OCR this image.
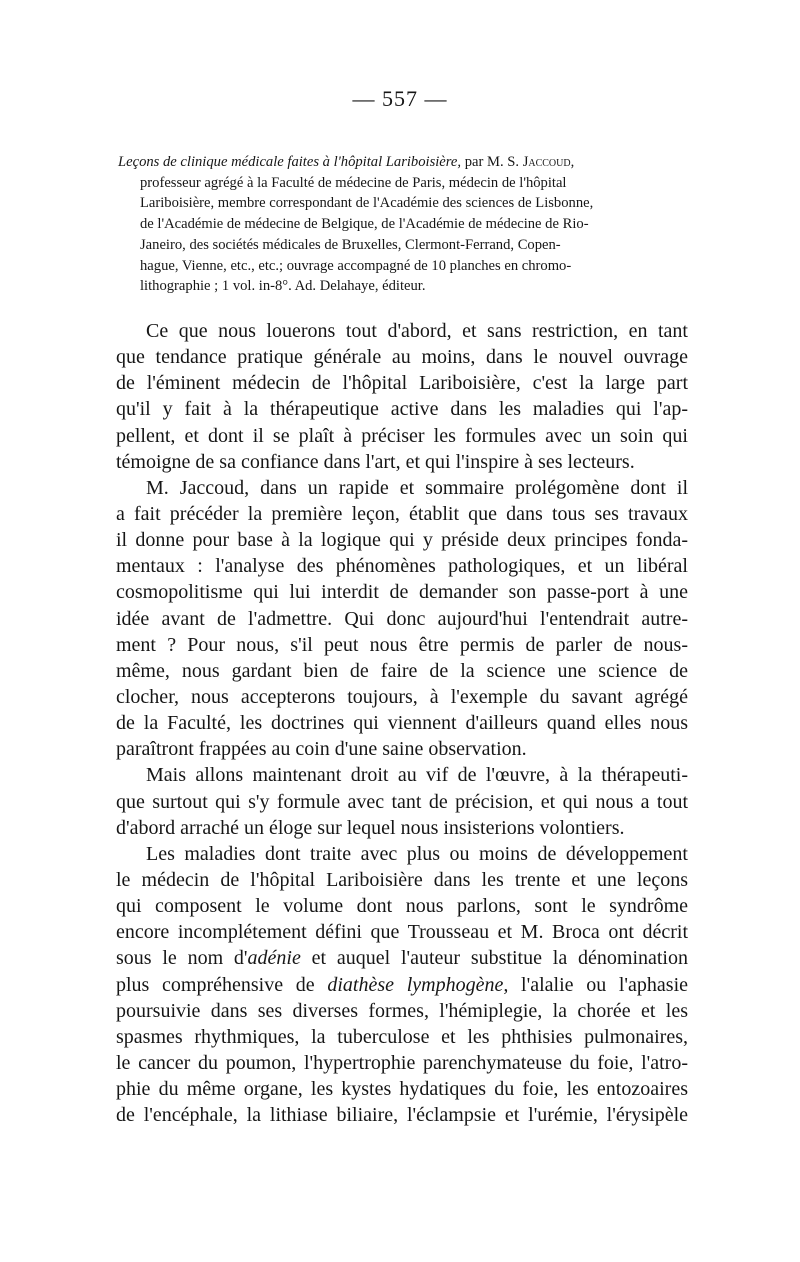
— 557 —
Leçons de clinique médicale faites à l'hôpital Lariboisière, par M. S. Jaccoud,
professeur agrégé à la Faculté de médecine de Paris, médecin de l'hôpital
Lariboisière, membre correspondant de l'Académie des sciences de Lisbonne,
de l'Académie de médecine de Belgique, de l'Académie de médecine de Rio-
Janeiro, des sociétés médicales de Bruxelles, Clermont-Ferrand, Copen-
hague, Vienne, etc., etc.; ouvrage accompagné de 10 planches en chromo-
lithographie ; 1 vol. in-8°. Ad. Delahaye, éditeur.
Ce que nous louerons tout d'abord, et sans restriction, en tant
que tendance pratique générale au moins, dans le nouvel ouvrage
de l'éminent médecin de l'hôpital Lariboisière, c'est la large part
qu'il y fait à la thérapeutique active dans les maladies qui l'ap-
pellent, et dont il se plaît à préciser les formules avec un soin qui
témoigne de sa confiance dans l'art, et qui l'inspire à ses lecteurs.
M. Jaccoud, dans un rapide et sommaire prolégomène dont il
a fait précéder la première leçon, établit que dans tous ses travaux
il donne pour base à la logique qui y préside deux principes fonda-
mentaux : l'analyse des phénomènes pathologiques, et un libéral
cosmopolitisme qui lui interdit de demander son passe-port à une
idée avant de l'admettre. Qui donc aujourd'hui l'entendrait autre-
ment ? Pour nous, s'il peut nous être permis de parler de nous-
même, nous gardant bien de faire de la science une science de
clocher, nous accepterons toujours, à l'exemple du savant agrégé
de la Faculté, les doctrines qui viennent d'ailleurs quand elles nous
paraîtront frappées au coin d'une saine observation.
Mais allons maintenant droit au vif de l'œuvre, à la thérapeuti-
que surtout qui s'y formule avec tant de précision, et qui nous a tout
d'abord arraché un éloge sur lequel nous insisterions volontiers.
Les maladies dont traite avec plus ou moins de développement
le médecin de l'hôpital Lariboisière dans les trente et une leçons
qui composent le volume dont nous parlons, sont le syndrôme
encore incomplétement défini que Trousseau et M. Broca ont décrit
sous le nom d'adénie et auquel l'auteur substitue la dénomination
plus compréhensive de diathèse lymphogène, l'alalie ou l'aphasie
poursuivie dans ses diverses formes, l'hémiplegie, la chorée et les
spasmes rhythmiques, la tuberculose et les phthisies pulmonaires,
le cancer du poumon, l'hypertrophie parenchymateuse du foie, l'atro-
phie du même organe, les kystes hydatiques du foie, les entozoaires
de l'encéphale, la lithiase biliaire, l'éclampsie et l'urémie, l'érysipèle
